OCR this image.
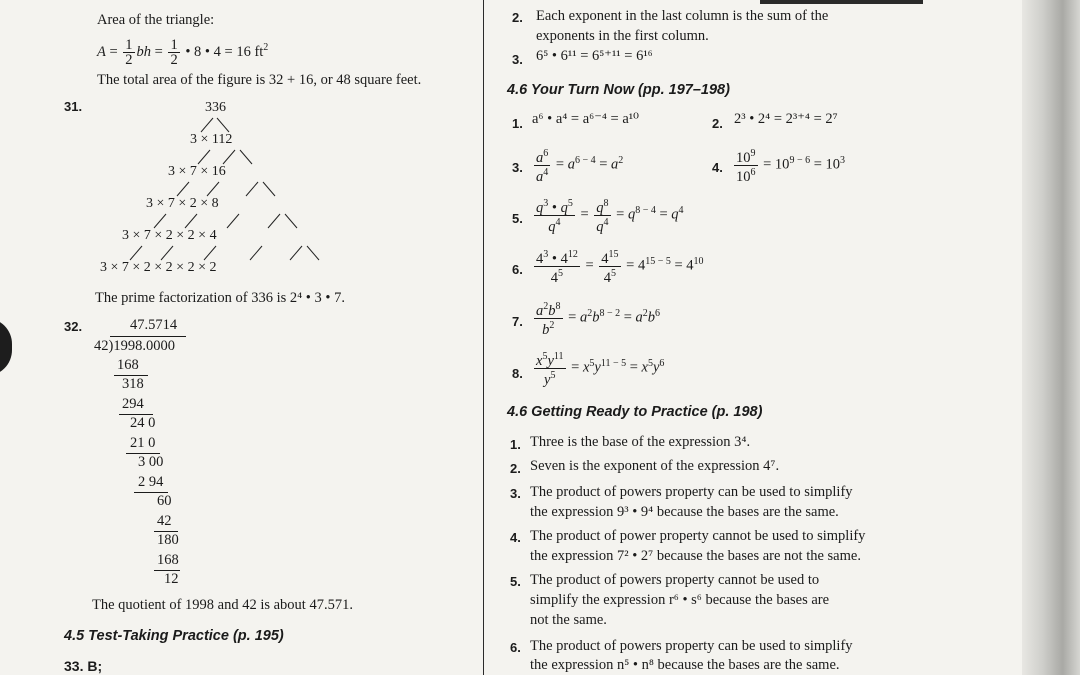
Area of the triangle:
$A = \frac{1}{2}$ bh = $\frac{1}{2}$ • 8 • 4 = 16 $ft^2$
The total area of the figure is 32 + 16, or 48 square feet.
31.	336
3 × 112
3 × 7 × 16
3 × 7 × 2 × 8
3 × 7 × 2 × 2 × 4
3 × 7 × 2 × 2 × 2 × 2
The prime factorization of 336 is 2⁴ • 3 • 7.
32.	47.5714
42)1998.0000
168
318
294
24 0
21 0
3 00
2 94
60
42
180
168
12
The quotient of 1998 and 42 is about 47.571.
4.5 Test-Taking Practice (p. 195)
33. B;
2. Each exponent in the last column is the sum of the
exponents in the first column.
3. 6⁵ • 6¹¹ = 6⁵⁺¹¹ = 6¹⁶
4.6 Your Turn Now (pp. 197–198)
1. a⁶ • a⁴ = a⁶⁻⁴ = a¹⁰	2. 2³ • 2⁴ = 2³⁺⁴ = 2⁷
3. $\frac{a^6}{a^4} = a^{6 - 4} = a^2$	4. $\frac{10^9}{10^6} = 10^{9 - 6} = 10^3$
5. $\frac{q^3 • q^5}{q^4} = \frac{q^8}{q^4} = q^{8 - 4} = q^4$
6. $\frac{4^3 • 4^{12}}{4^5} = \frac{4^{15}}{4^5} = 4^{15 - 5} = 4^{10}$
7. $\frac{a^2b^8}{b^2} = a^2b^{8 - 2} = a^2b^6$
8. $\frac{x^5y^{11}}{y^5} = x^5y^{11 - 5} = x^5y^6$
4.6 Getting Ready to Practice (p. 198)
1. Three is the base of the expression 3⁴.
2. Seven is the exponent of the expression 4⁷.
3. The product of powers property can be used to simplify
the expression 9³ • 9⁴ because the bases are the same.
4. The product of power property cannot be used to simplify
the expression 7² • 2⁷ because the bases are not the same.
5. The product of powers property cannot be used to
simplify the expression r⁶ • s⁶ because the bases are
not the same.
6. The product of powers property can be used to simplify
the expression n⁵ • n⁸ because the bases are the same.
